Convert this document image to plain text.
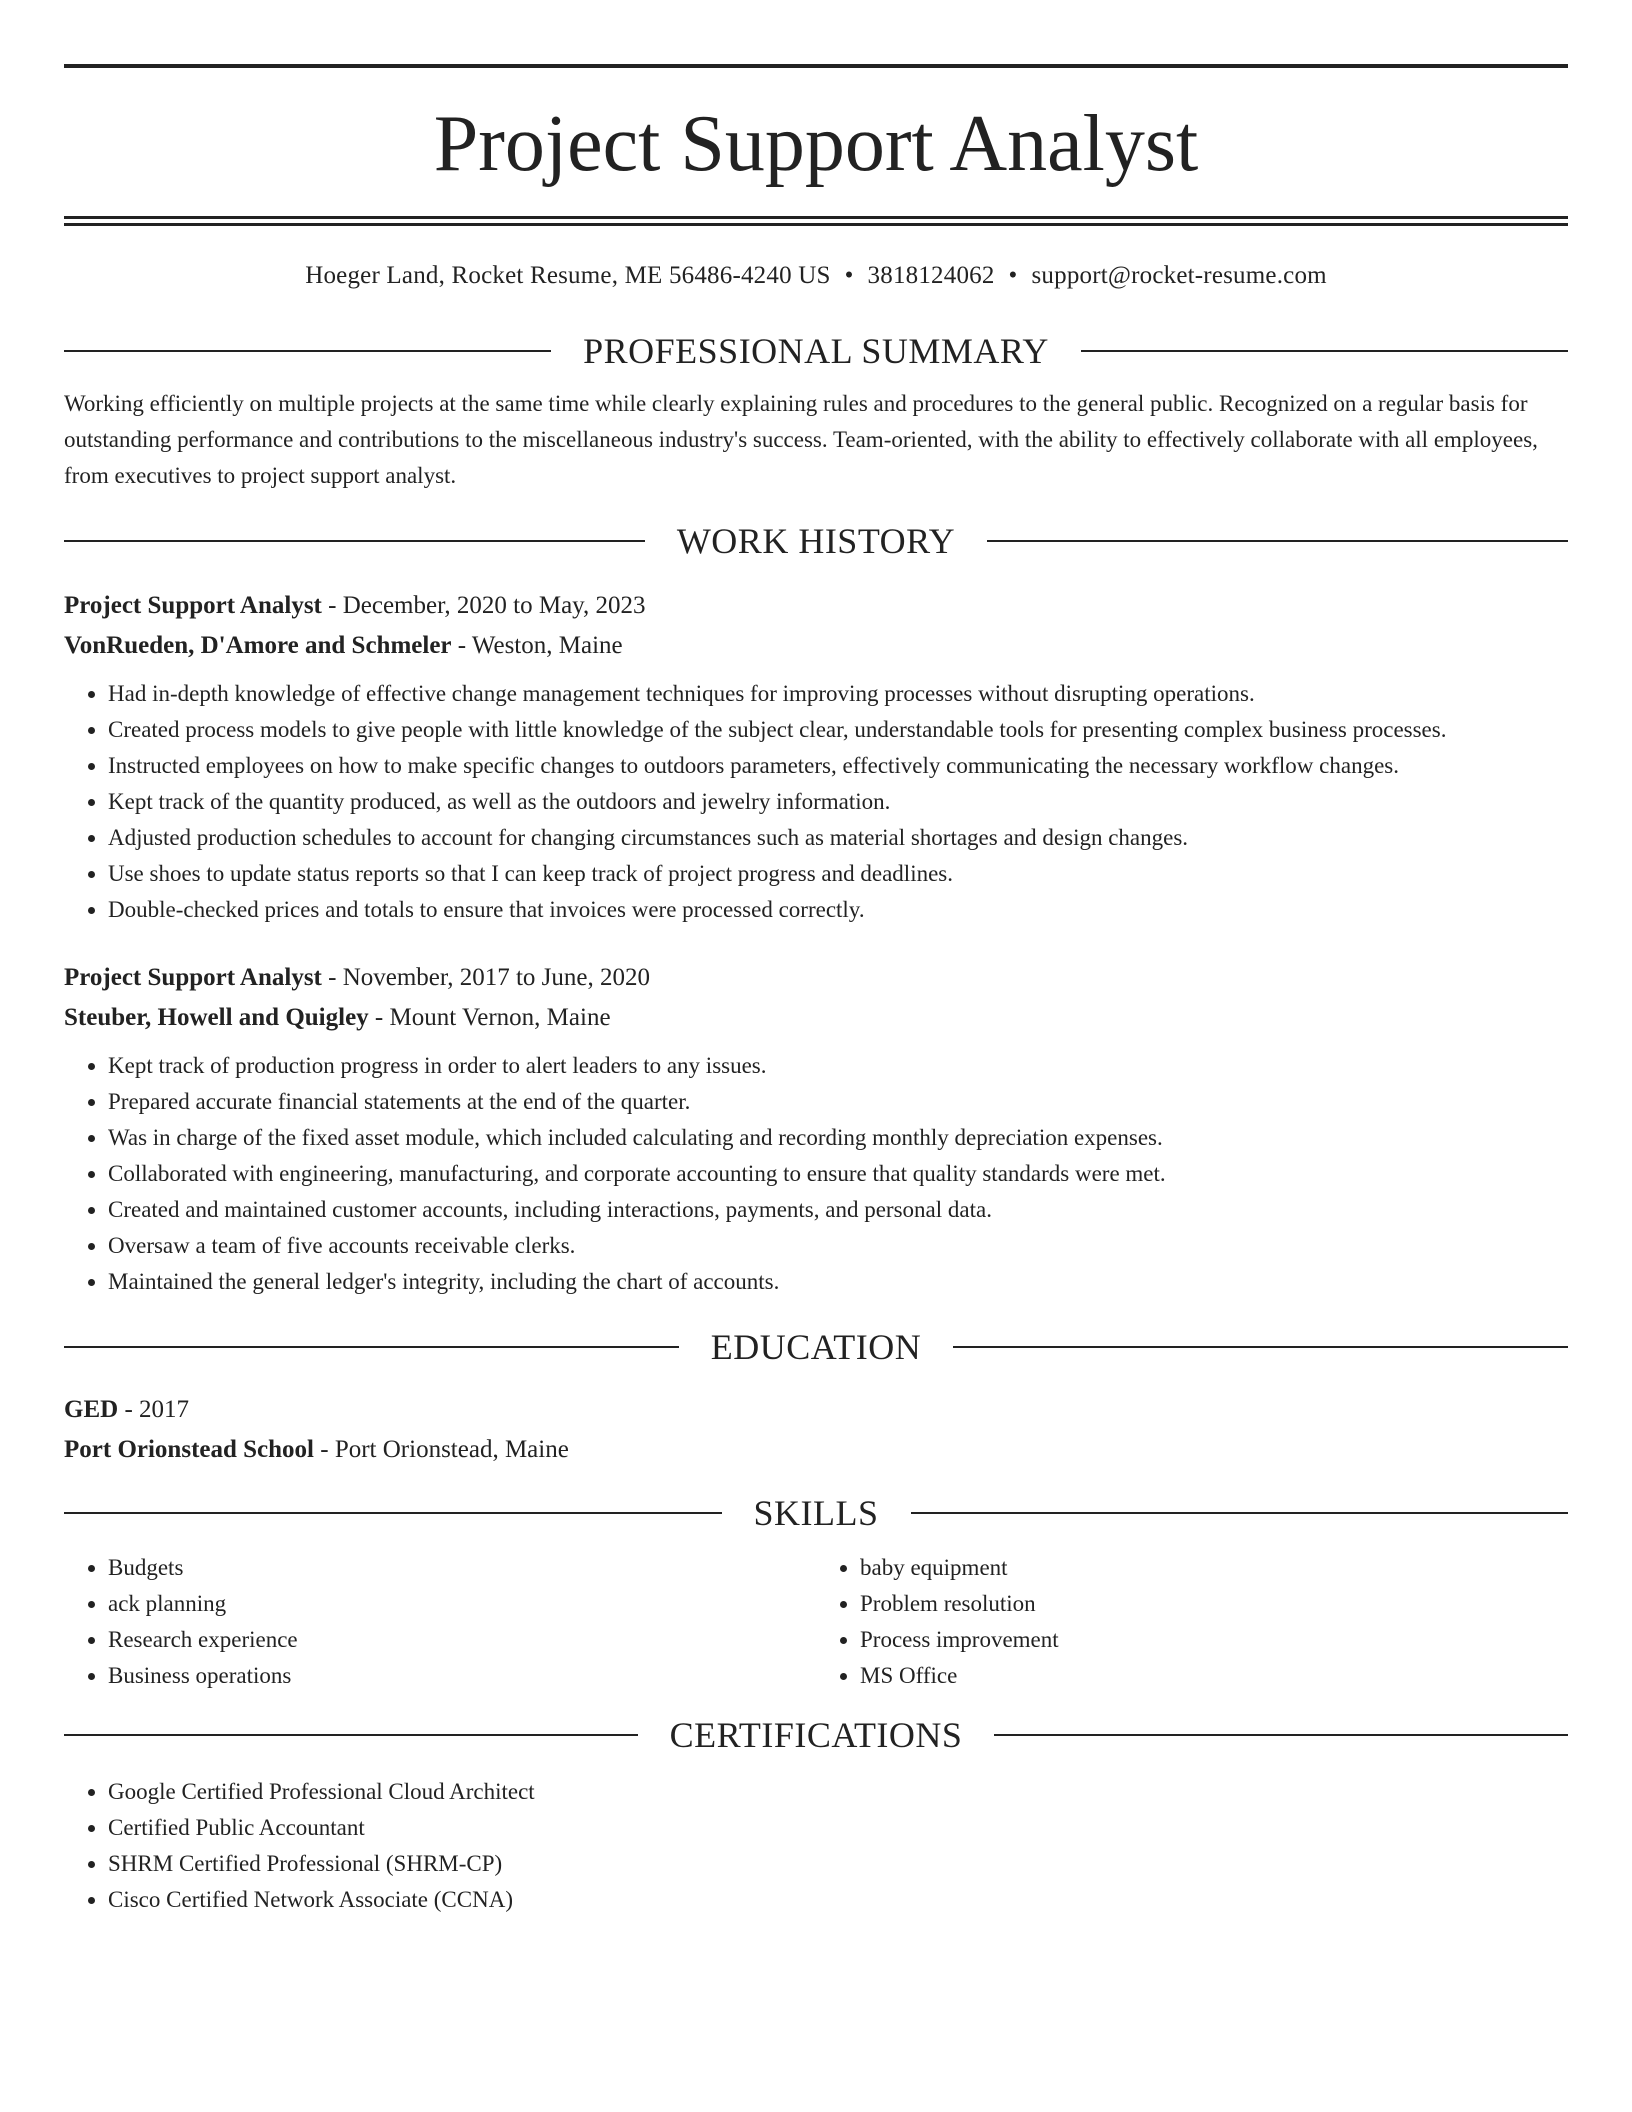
Project Support Analyst
Hoeger Land, Rocket Resume, ME 56486-4240 US • 3818124062 • support@rocket-resume.com
PROFESSIONAL SUMMARY
Working efficiently on multiple projects at the same time while clearly explaining rules and procedures to the general public. Recognized on a regular basis for outstanding performance and contributions to the miscellaneous industry's success. Team-oriented, with the ability to effectively collaborate with all employees, from executives to project support analyst.
WORK HISTORY
Project Support Analyst - December, 2020 to May, 2023
VonRueden, D'Amore and Schmeler - Weston, Maine
• Had in-depth knowledge of effective change management techniques for improving processes without disrupting operations.
• Created process models to give people with little knowledge of the subject clear, understandable tools for presenting complex business processes.
• Instructed employees on how to make specific changes to outdoors parameters, effectively communicating the necessary workflow changes.
• Kept track of the quantity produced, as well as the outdoors and jewelry information.
• Adjusted production schedules to account for changing circumstances such as material shortages and design changes.
• Use shoes to update status reports so that I can keep track of project progress and deadlines.
• Double-checked prices and totals to ensure that invoices were processed correctly.
Project Support Analyst - November, 2017 to June, 2020
Steuber, Howell and Quigley - Mount Vernon, Maine
• Kept track of production progress in order to alert leaders to any issues.
• Prepared accurate financial statements at the end of the quarter.
• Was in charge of the fixed asset module, which included calculating and recording monthly depreciation expenses.
• Collaborated with engineering, manufacturing, and corporate accounting to ensure that quality standards were met.
• Created and maintained customer accounts, including interactions, payments, and personal data.
• Oversaw a team of five accounts receivable clerks.
• Maintained the general ledger's integrity, including the chart of accounts.
EDUCATION
GED - 2017
Port Orionstead School - Port Orionstead, Maine
SKILLS
• Budgets
• ack planning
• Research experience
• Business operations
• baby equipment
• Problem resolution
• Process improvement
• MS Office
CERTIFICATIONS
• Google Certified Professional Cloud Architect
• Certified Public Accountant
• SHRM Certified Professional (SHRM-CP)
• Cisco Certified Network Associate (CCNA)
